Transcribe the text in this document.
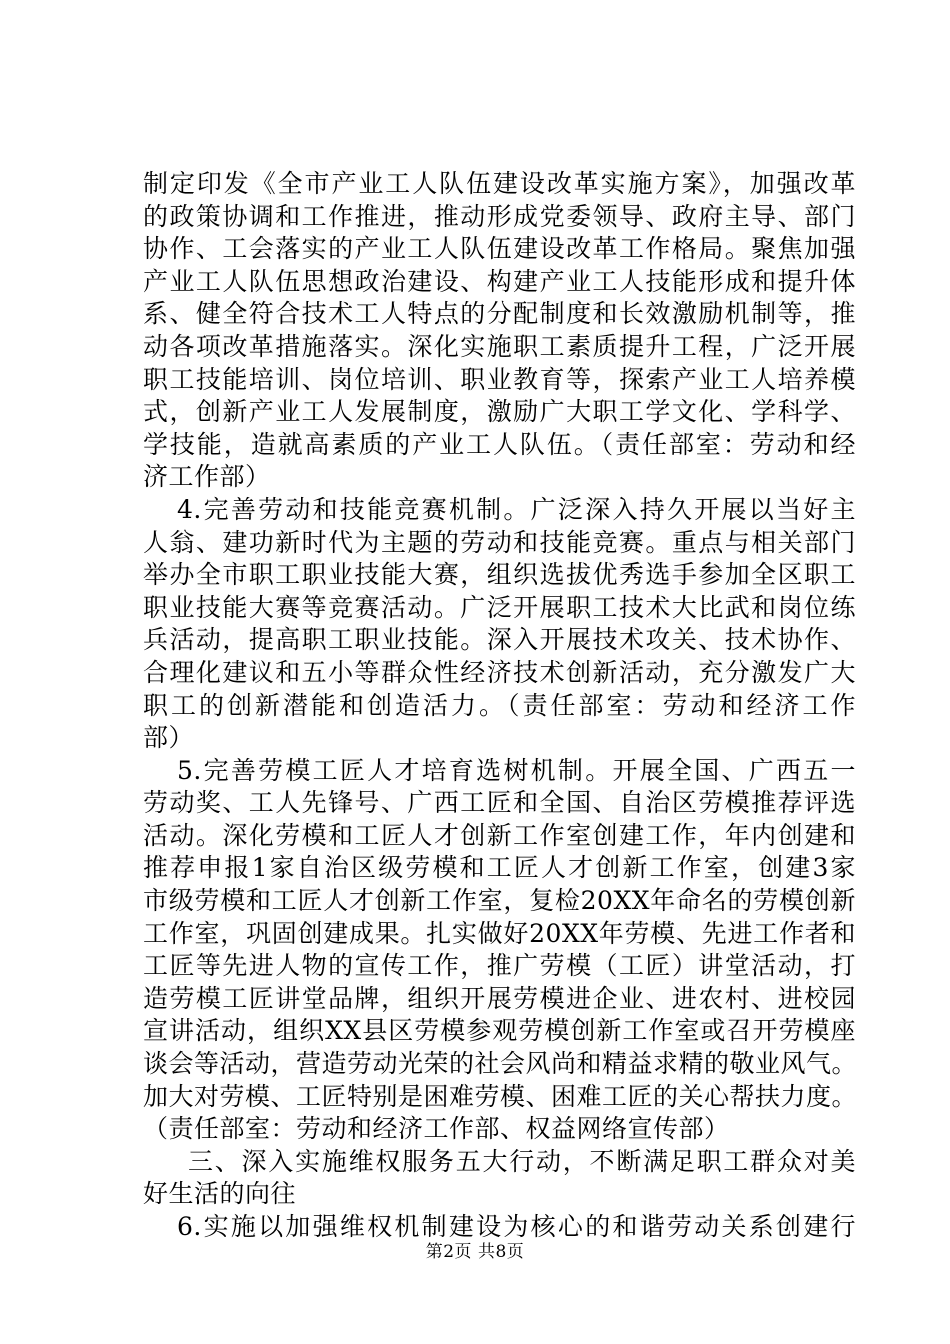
制定印发《全市产业工人队伍建设改革实施方案》，加强改革
的政策协调和工作推进，推动形成党委领导、政府主导、部门
协作、工会落实的产业工人队伍建设改革工作格局。聚焦加强
产业工人队伍思想政治建设、构建产业工人技能形成和提升体
系、健全符合技术工人特点的分配制度和长效激励机制等，推
动各项改革措施落实。深化实施职工素质提升工程，广泛开展
职工技能培训、岗位培训、职业教育等，探索产业工人培养模
式，创新产业工人发展制度，激励广大职工学文化、学科学、
学技能，造就高素质的产业工人队伍。（责任部室：劳动和经
济工作部）
4.完善劳动和技能竞赛机制。广泛深入持久开展以当好主
人翁、建功新时代为主题的劳动和技能竞赛。重点与相关部门
举办全市职工职业技能大赛，组织选拔优秀选手参加全区职工
职业技能大赛等竞赛活动。广泛开展职工技术大比武和岗位练
兵活动，提高职工职业技能。深入开展技术攻关、技术协作、
合理化建议和五小等群众性经济技术创新活动，充分激发广大
职工的创新潜能和创造活力。（责任部室：劳动和经济工作
部）
5.完善劳模工匠人才培育选树机制。开展全国、广西五一
劳动奖、工人先锋号、广西工匠和全国、自治区劳模推荐评选
活动。深化劳模和工匠人才创新工作室创建工作，年内创建和
推荐申报1家自治区级劳模和工匠人才创新工作室，创建3家
市级劳模和工匠人才创新工作室，复检20XX年命名的劳模创新
工作室，巩固创建成果。扎实做好20XX年劳模、先进工作者和
工匠等先进人物的宣传工作，推广劳模（工匠）讲堂活动，打
造劳模工匠讲堂品牌，组织开展劳模进企业、进农村、进校园
宣讲活动，组织XX县区劳模参观劳模创新工作室或召开劳模座
谈会等活动，营造劳动光荣的社会风尚和精益求精的敬业风气。
加大对劳模、工匠特别是困难劳模、困难工匠的关心帮扶力度。
（责任部室：劳动和经济工作部、权益网络宣传部）
三、深入实施维权服务五大行动，不断满足职工群众对美
好生活的向往
6.实施以加强维权机制建设为核心的和谐劳动关系创建行
第2页 共8页
